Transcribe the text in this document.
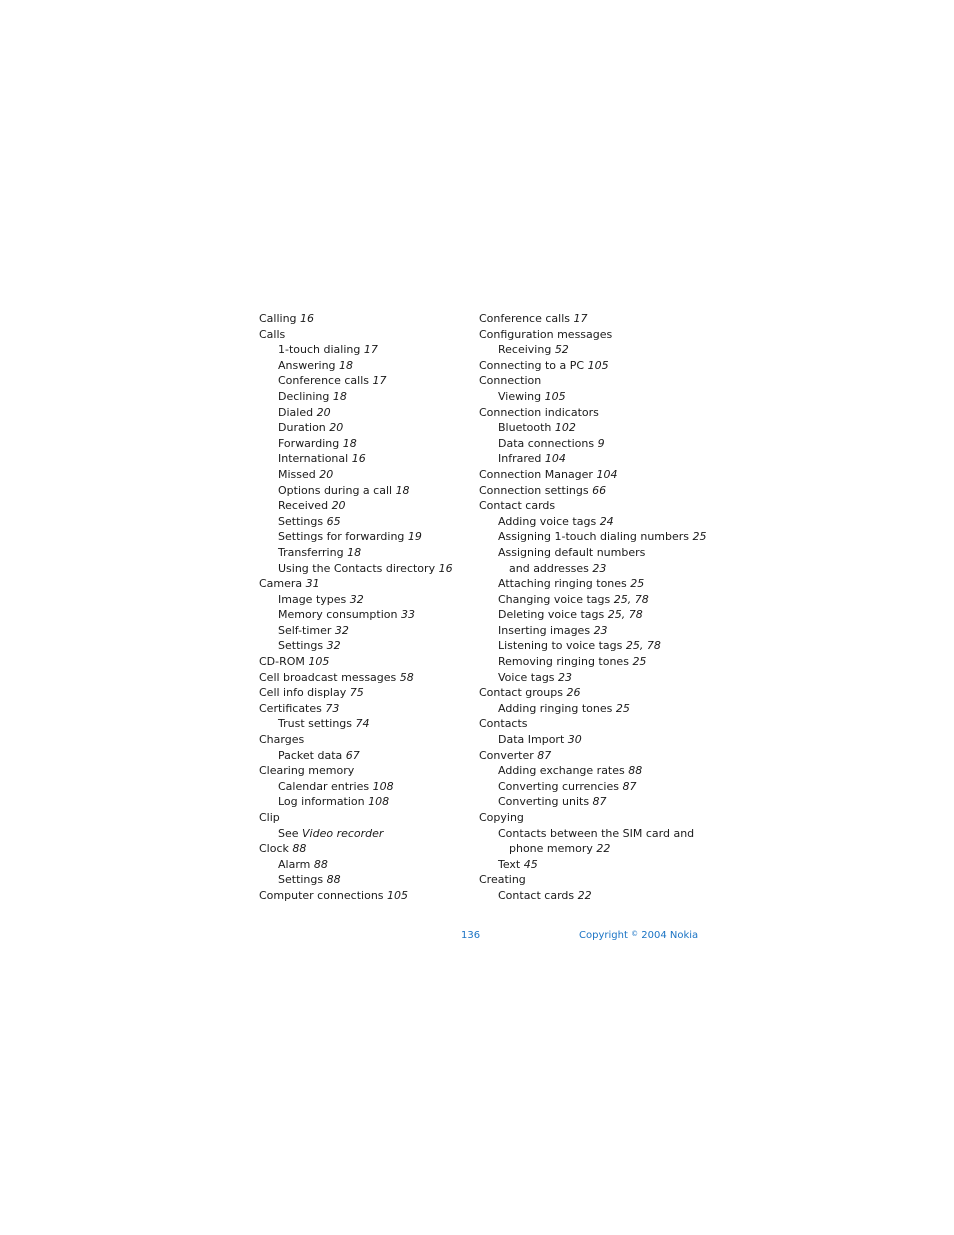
Calling 16
Calls
1-touch dialing 17
Answering 18
Conference calls 17
Declining 18
Dialed 20
Duration 20
Forwarding 18
International 16
Missed 20
Options during a call 18
Received 20
Settings 65
Settings for forwarding 19
Transferring 18
Using the Contacts directory 16
Camera 31
Image types 32
Memory consumption 33
Self-timer 32
Settings 32
CD-ROM 105
Cell broadcast messages 58
Cell info display 75
Certificates 73
Trust settings 74
Charges
Packet data 67
Clearing memory
Calendar entries 108
Log information 108
Clip
See Video recorder
Clock 88
Alarm 88
Settings 88
Computer connections 105
Conference calls 17
Configuration messages
Receiving 52
Connecting to a PC 105
Connection
Viewing 105
Connection indicators
Bluetooth 102
Data connections 9
Infrared 104
Connection Manager 104
Connection settings 66
Contact cards
Adding voice tags 24
Assigning 1-touch dialing numbers 25
Assigning default numbers
and addresses 23
Attaching ringing tones 25
Changing voice tags 25, 78
Deleting voice tags 25, 78
Inserting images 23
Listening to voice tags 25, 78
Removing ringing tones 25
Voice tags 23
Contact groups 26
Adding ringing tones 25
Contacts
Data Import 30
Converter 87
Adding exchange rates 88
Converting currencies 87
Converting units 87
Copying
Contacts between the SIM card and
phone memory 22
Text 45
Creating
Contact cards 22
136	Copyright © 2004 Nokia
